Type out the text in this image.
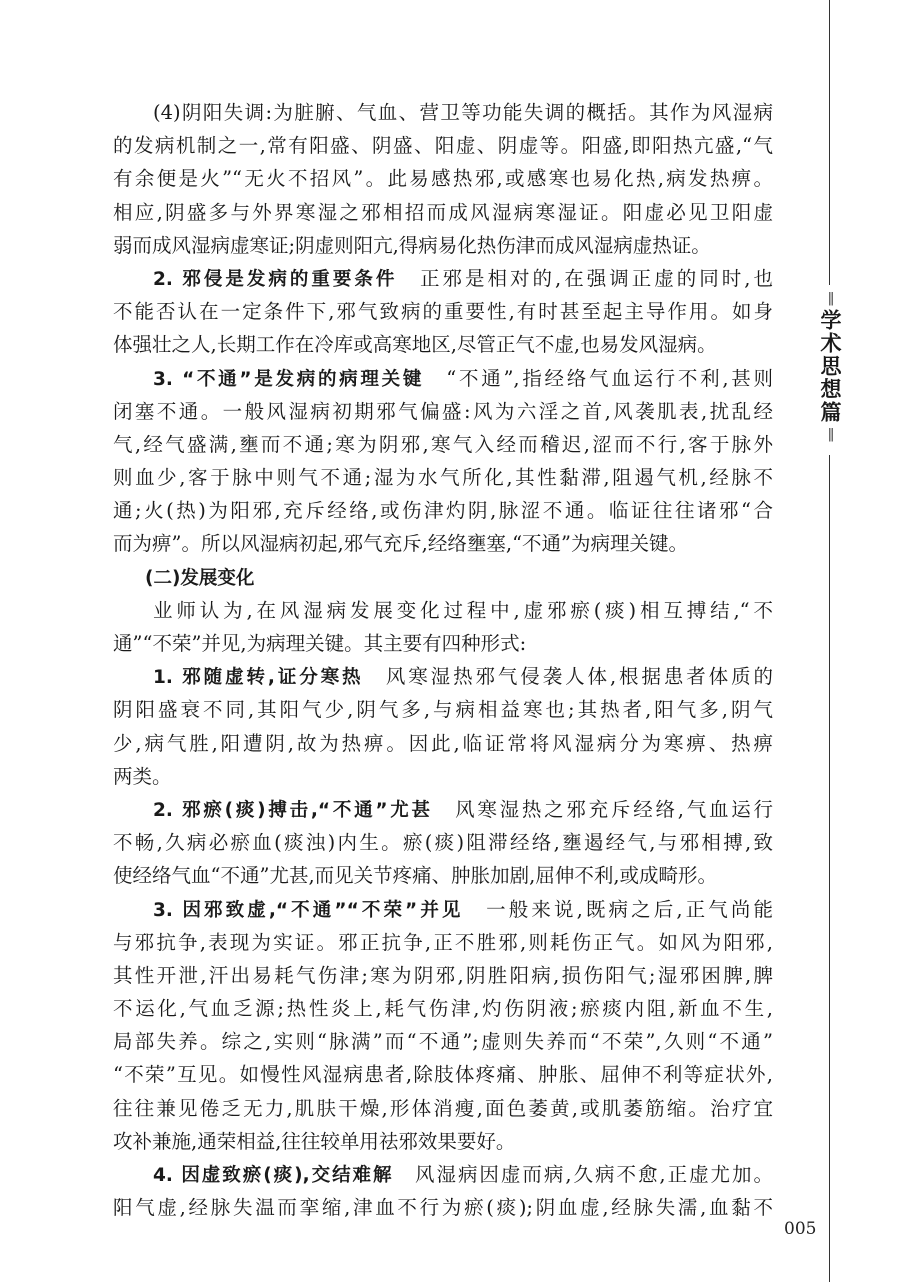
||
学术思想篇
||
(4)阴阳失调:为脏腑、气血、营卫等功能失调的概括。其作为风湿病
的发病机制之一,常有阳盛、阴盛、阳虚、阴虚等。阳盛,即阳热亢盛,“气
有余便是火”“无火不招风”。此易感热邪,或感寒也易化热,病发热痹。
相应,阴盛多与外界寒湿之邪相招而成风湿病寒湿证。阳虚必见卫阳虚
弱而成风湿病虚寒证;阴虚则阳亢,得病易化热伤津而成风湿病虚热证。
2. 邪侵是发病的重要条件　正邪是相对的,在强调正虚的同时,也
不能否认在一定条件下,邪气致病的重要性,有时甚至起主导作用。如身
体强壮之人,长期工作在冷库或高寒地区,尽管正气不虚,也易发风湿病。
3. “不通”是发病的病理关键　“不通”,指经络气血运行不利,甚则
闭塞不通。一般风湿病初期邪气偏盛:风为六淫之首,风袭肌表,扰乱经
气,经气盛满,壅而不通;寒为阴邪,寒气入经而稽迟,涩而不行,客于脉外
则血少,客于脉中则气不通;湿为水气所化,其性黏滞,阻遏气机,经脉不
通;火(热)为阳邪,充斥经络,或伤津灼阴,脉涩不通。临证往往诸邪“合
而为痹”。所以风湿病初起,邪气充斥,经络壅塞,“不通”为病理关键。
(二)发展变化
业师认为,在风湿病发展变化过程中,虚邪瘀(痰)相互搏结,“不
通”“不荣”并见,为病理关键。其主要有四种形式:
1. 邪随虚转,证分寒热　风寒湿热邪气侵袭人体,根据患者体质的
阴阳盛衰不同,其阳气少,阴气多,与病相益寒也;其热者,阳气多,阴气
少,病气胜,阳遭阴,故为热痹。因此,临证常将风湿病分为寒痹、热痹
两类。
2. 邪瘀(痰)搏击,“不通”尤甚　风寒湿热之邪充斥经络,气血运行
不畅,久病必瘀血(痰浊)内生。瘀(痰)阻滞经络,壅遏经气,与邪相搏,致
使经络气血“不通”尤甚,而见关节疼痛、肿胀加剧,屈伸不利,或成畸形。
3. 因邪致虚,“不通”“不荣”并见　一般来说,既病之后,正气尚能
与邪抗争,表现为实证。邪正抗争,正不胜邪,则耗伤正气。如风为阳邪,
其性开泄,汗出易耗气伤津;寒为阴邪,阴胜阳病,损伤阳气;湿邪困脾,脾
不运化,气血乏源;热性炎上,耗气伤津,灼伤阴液;瘀痰内阻,新血不生,
局部失养。综之,实则“脉满”而“不通”;虚则失养而“不荣”,久则“不通”
“不荣”互见。如慢性风湿病患者,除肢体疼痛、肿胀、屈伸不利等症状外,
往往兼见倦乏无力,肌肤干燥,形体消瘦,面色萎黄,或肌萎筋缩。治疗宜
攻补兼施,通荣相益,往往较单用祛邪效果要好。
4. 因虚致瘀(痰),交结难解　风湿病因虚而病,久病不愈,正虚尤加。
阳气虚,经脉失温而挛缩,津血不行为瘀(痰);阴血虚,经脉失濡,血黏不
005
